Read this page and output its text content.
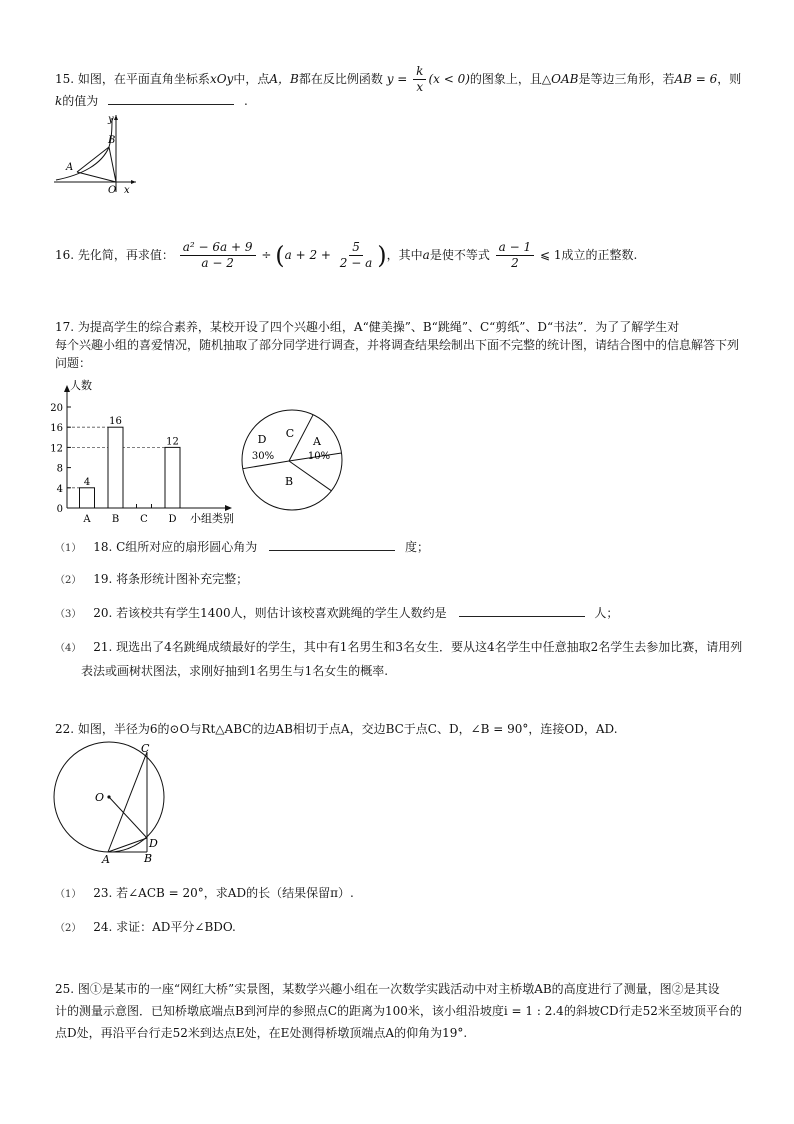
15. 如图，在平面直角坐标系xOy中，点A，B都在反比例函数 $y = \frac{k}{x} (x < 0)$的图象上，且△OAB是等边三角形，若AB = 6，则
k的值为	.
y
B
A
O x
16. 先化简，再求值： $\frac{\text{a² − 6a + 9}}{a - 2} \div (a + 2 + \frac{5}{2 - a}$ )，其中a是使不等式 $\frac{a - 1}{2}$ ⩽ 1成立的正整数.
17. 为提高学生的综合素养，某校开设了四个兴趣小组，A“健美操”、B“跳绳”、C“剪纸”、D“书法”．为了了解学生对
每个兴趣小组的喜爱情况，随机抽取了部分同学进行调查，并将调查结果绘制出下面不完整的统计图，请结合图中的信息解答下列
问题：
0
4
8
12
16
20
A
4
B
16
C D
12
人数
小组类别
A
10%
B
C
D
30%
（1） 18. C组所对应的扇形圆心角为	度；
（2） 19. 将条形统计图补充完整；
（3） 20. 若该校共有学生1400人，则估计该校喜欢跳绳的学生人数约是	人；
（4） 21. 现选出了4名跳绳成绩最好的学生，其中有1名男生和3名女生．要从这4名学生中任意抽取2名学生去参加比赛，请用列
表法或画树状图法，求刚好抽到1名男生与1名女生的概率.
22. 如图，半径为6的⊙O与Rt△ABC的边AB相切于点A，交边BC于点C、D，∠B = 90°，连接OD，AD.
C
O
D
A	B
（1） 23. 若∠ACB = 20°，求AD的长（结果保留π）.
（2） 24. 求证：AD平分∠BDO.
25. 图①是某市的一座“网红大桥”实景图，某数学兴趣小组在一次数学实践活动中对主桥墩AB的高度进行了测量，图②是其设
计的测量示意图．已知桥墩底端点B到河岸的参照点C的距离为100米，该小组沿坡度i = 1 : 2.4的斜坡CD行走52米至坡顶平台的
点D处，再沿平台行走52米到达点E处，在E处测得桥墩顶端点A的仰角为19°.
